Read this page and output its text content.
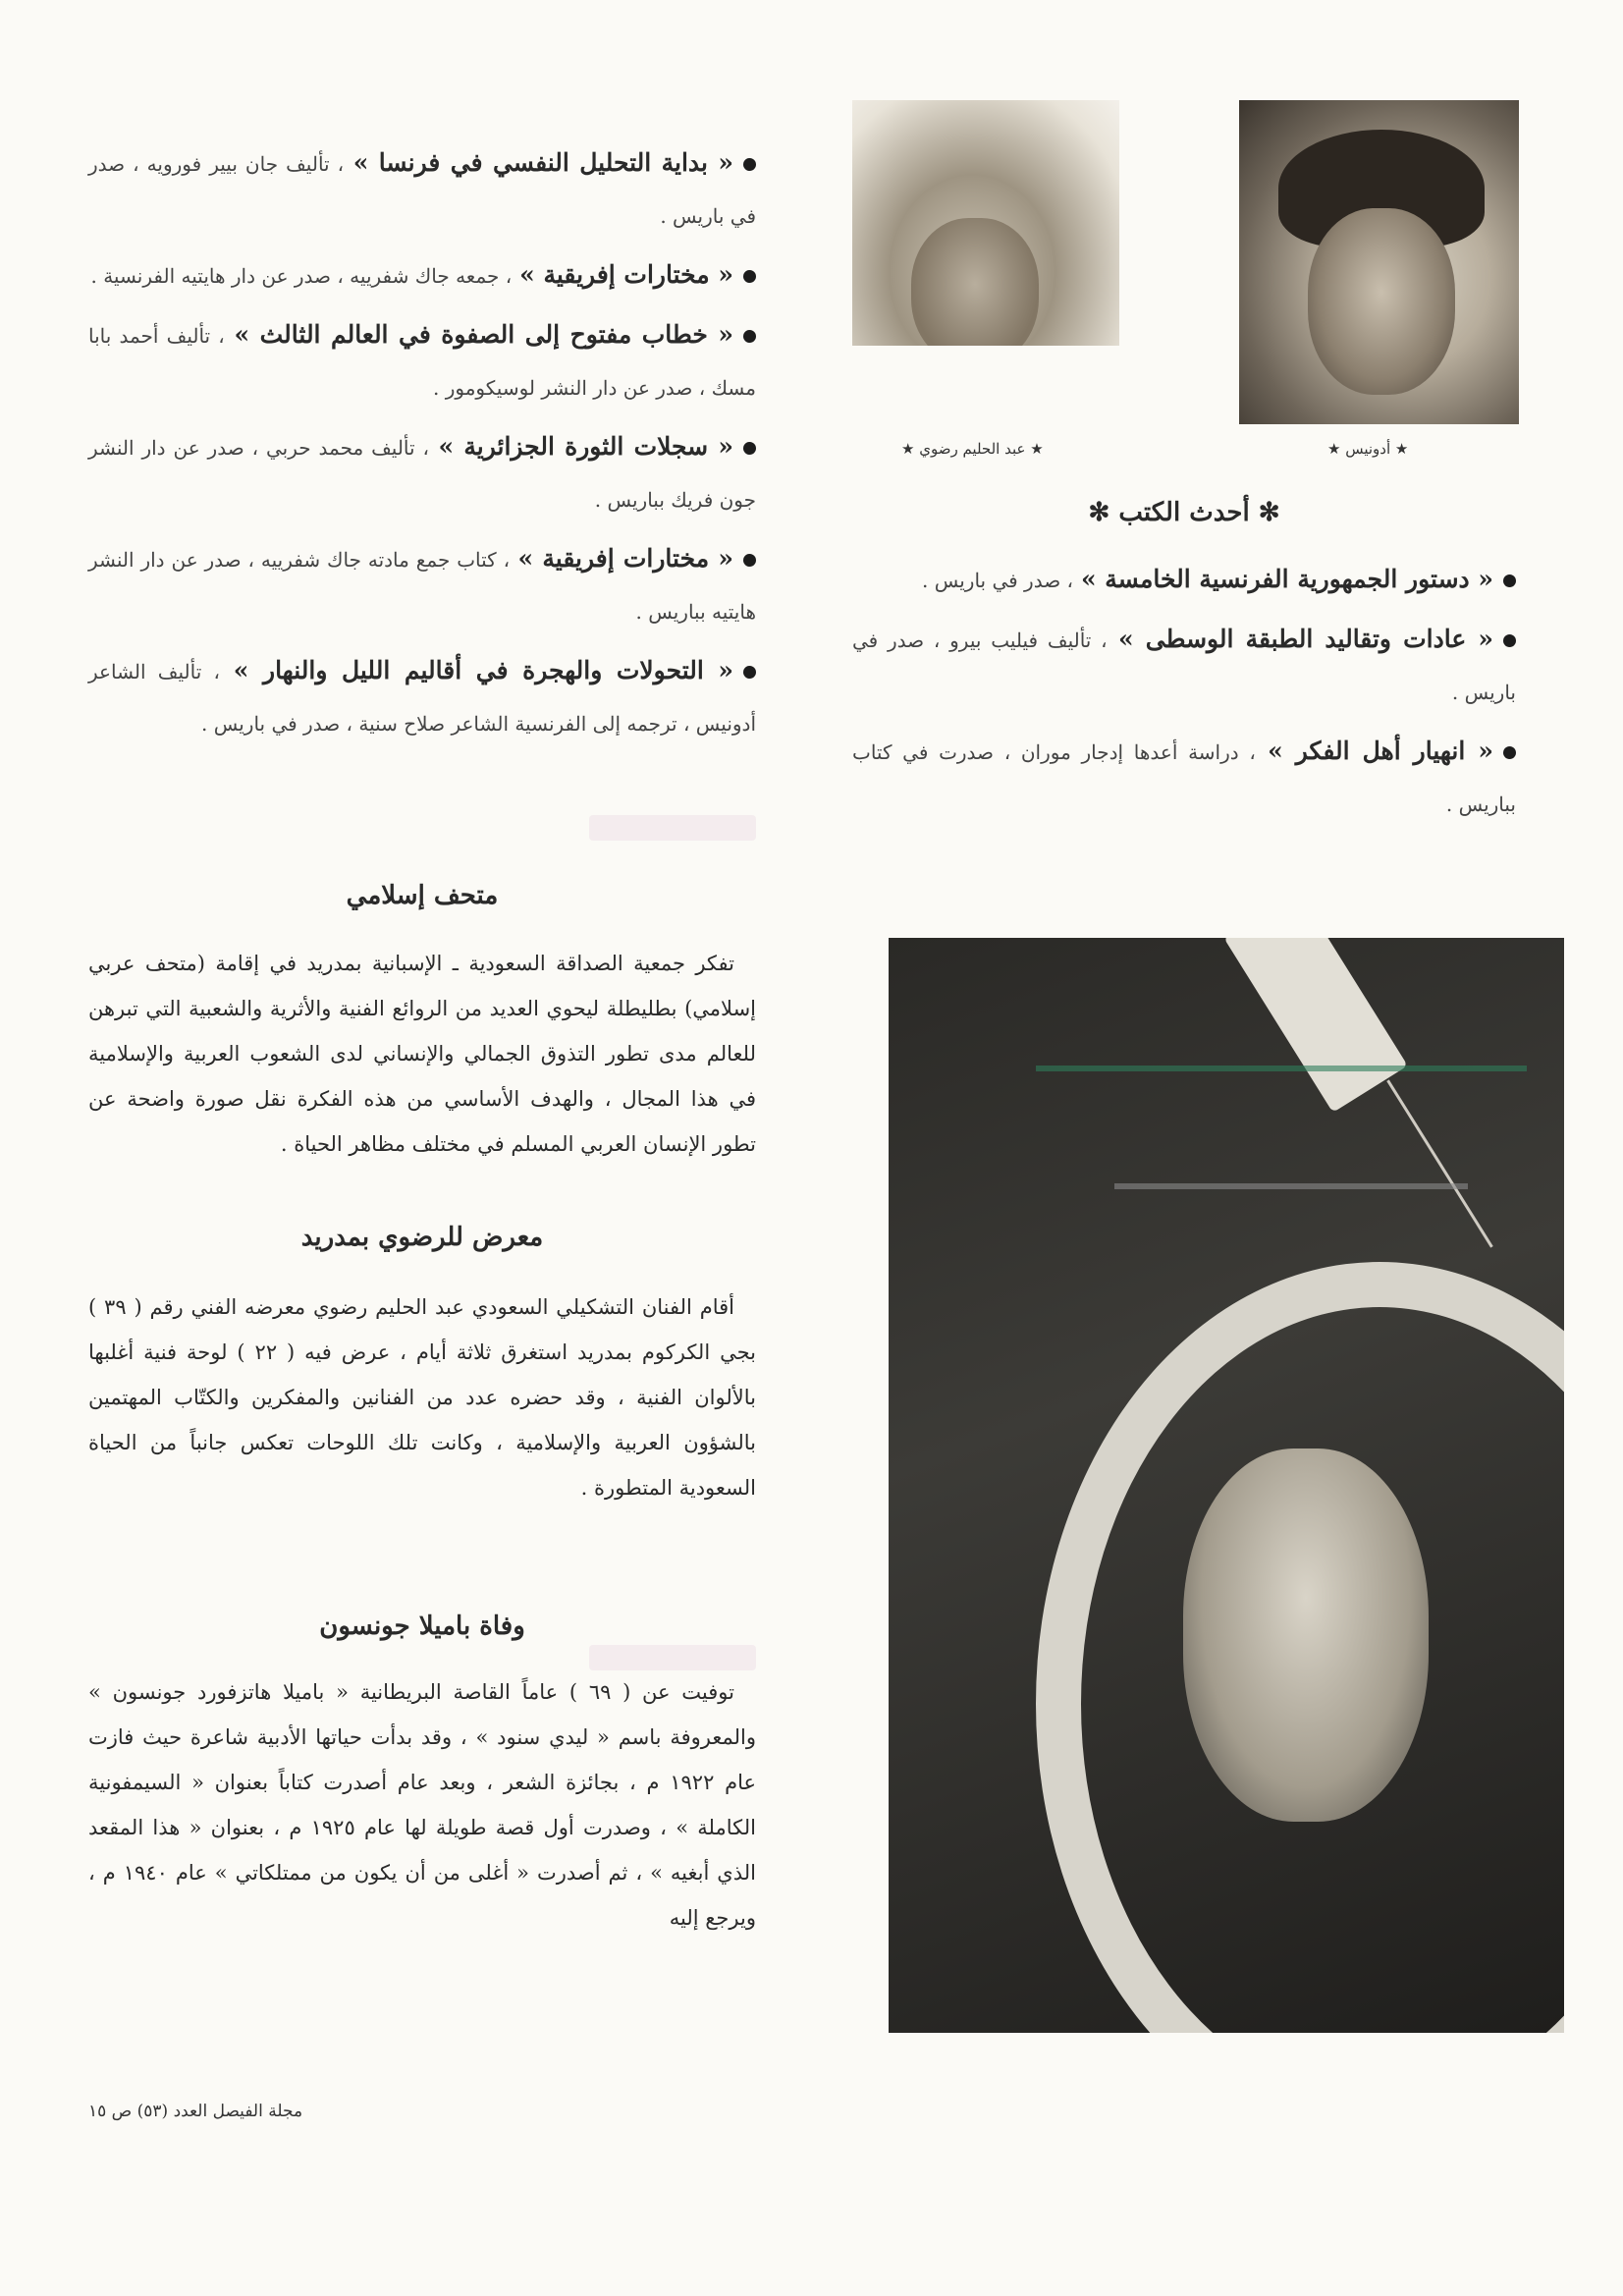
★ أدونيس ★
★ عبد الحليم رضوي ★

✻ أحدث الكتب ✻

« دستور الجمهورية الفرنسية الخامسة » ، صدر في باريس .

« عادات وتقاليد الطبقة الوسطى » ، تأليف فيليب بيرو ، صدر في باريس .

« انهيار أهل الفكر » ، دراسة أعدها إدجار موران ، صدرت في كتاب بباريس .

« بداية التحليل النفسي في فرنسا » ، تأليف جان بيير فورويه ، صدر في باريس .

« مختارات إفريقية » ، جمعه جاك شفرييه ، صدر عن دار هايتيه الفرنسية .

« خطاب مفتوح إلى الصفوة في العالم الثالث » ، تأليف أحمد بابا مسك ، صدر عن دار النشر لوسيكومور .

« سجلات الثورة الجزائرية » ، تأليف محمد حربي ، صدر عن دار النشر جون فريك بباريس .

« مختارات إفريقية » ، كتاب جمع مادته جاك شفرييه ، صدر عن دار النشر هايتيه بباريس .

« التحولات والهجرة في أقاليم الليل والنهار » ، تأليف الشاعر أدونيس ، ترجمه إلى الفرنسية الشاعر صلاح سنية ، صدر في باريس .

متحف إسلامي

تفكر جمعية الصداقة السعودية ـ الإسبانية بمدريد في إقامة (متحف عربي إسلامي) بطليطلة ليحوي العديد من الروائع الفنية والأثرية والشعبية التي تبرهن للعالم مدى تطور التذوق الجمالي والإنساني لدى الشعوب العربية والإسلامية في هذا المجال ، والهدف الأساسي من هذه الفكرة نقل صورة واضحة عن تطور الإنسان العربي المسلم في مختلف مظاهر الحياة .

معرض للرضوي بمدريد

أقام الفنان التشكيلي السعودي عبد الحليم رضوي معرضه الفني رقم ( ٣٩ ) بجي الكركوم بمدريد استغرق ثلاثة أيام ، عرض فيه ( ٢٢ ) لوحة فنية أغلبها بالألوان الفنية ، وقد حضره عدد من الفنانين والمفكرين والكتّاب المهتمين بالشؤون العربية والإسلامية ، وكانت تلك اللوحات تعكس جانباً من الحياة السعودية المتطورة .

وفاة باميلا جونسون

توفيت عن ( ٦٩ ) عاماً القاصة البريطانية « باميلا هاتزفورد جونسون » والمعروفة باسم « ليدي سنود » ، وقد بدأت حياتها الأدبية شاعرة حيث فازت عام ١٩٢٢ م ، بجائزة الشعر ، وبعد عام أصدرت كتاباً بعنوان « السيمفونية الكاملة » ، وصدرت أول قصة طويلة لها عام ١٩٢٥ م ، بعنوان « هذا المقعد الذي أبغيه » ، ثم أصدرت « أغلى من أن يكون من ممتلكاتي » عام ١٩٤٠ م ، ويرجع إليه

مجلة الفيصل العدد (٥٣) ص ١٥
